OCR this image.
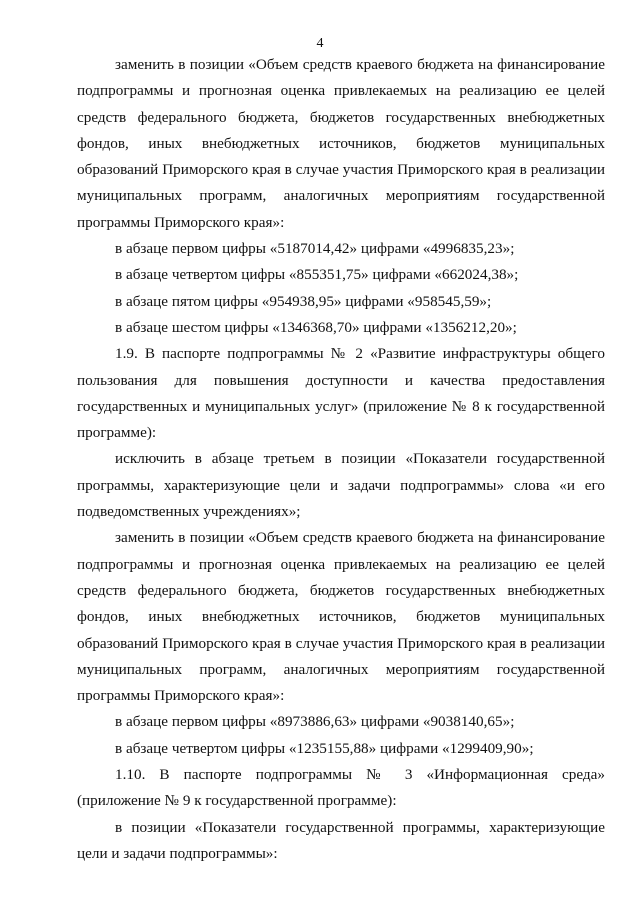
4

заменить в позиции «Объем средств краевого бюджета на финансирование подпрограммы и прогнозная оценка привлекаемых на реализацию ее целей средств федерального бюджета, бюджетов государственных внебюджетных фондов, иных внебюджетных источников, бюджетов муниципальных образований Приморского края в случае участия Приморского края в реализации муниципальных программ, аналогичных мероприятиям государственной программы Приморского края»:

в абзаце первом цифры «5187014,42» цифрами «4996835,23»;

в абзаце четвертом цифры «855351,75» цифрами «662024,38»;

в абзаце пятом цифры «954938,95» цифрами «958545,59»;

в абзаце шестом цифры «1346368,70» цифрами «1356212,20»;

1.9. В паспорте подпрограммы № 2 «Развитие инфраструктуры общего пользования для повышения доступности и качества предоставления государственных и муниципальных услуг» (приложение № 8 к государственной программе):

исключить в абзаце третьем в позиции «Показатели государственной программы, характеризующие цели и задачи подпрограммы» слова «и его подведомственных учреждениях»;

заменить в позиции «Объем средств краевого бюджета на финансирование подпрограммы и прогнозная оценка привлекаемых на реализацию ее целей средств федерального бюджета, бюджетов государственных внебюджетных фондов, иных внебюджетных источников, бюджетов муниципальных образований Приморского края в случае участия Приморского края в реализации муниципальных программ, аналогичных мероприятиям государственной программы Приморского края»:

в абзаце первом цифры «8973886,63» цифрами «9038140,65»;

в абзаце четвертом цифры «1235155,88» цифрами «1299409,90»;

1.10. В паспорте подпрограммы № 3 «Информационная среда» (приложение № 9 к государственной программе):

в позиции «Показатели государственной программы, характеризующие цели и задачи подпрограммы»:
